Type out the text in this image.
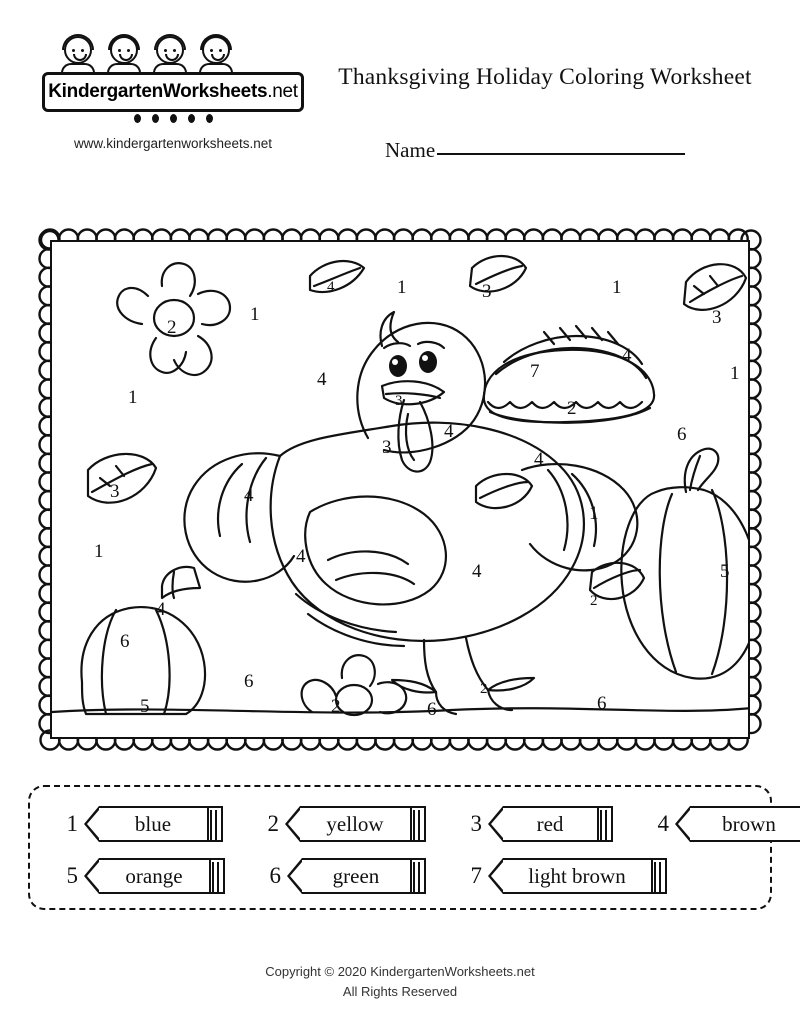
KindergartenWorksheets.net
www.kindergartenworksheets.net
Thanksgiving Holiday Coloring Worksheet
Name
4	1	3	1
3
2
1
4
1
4	2	7
1	3	2
4	6
3
4
3	4
1
1	4
4	5
4	2
6
6
2
5
2
6	6
1	blue	2 yellow	3	red	4	brown
5 orange	6 green	7 light brown
Copyright © 2020 KindergartenWorksheets.net
All Rights Reserved
